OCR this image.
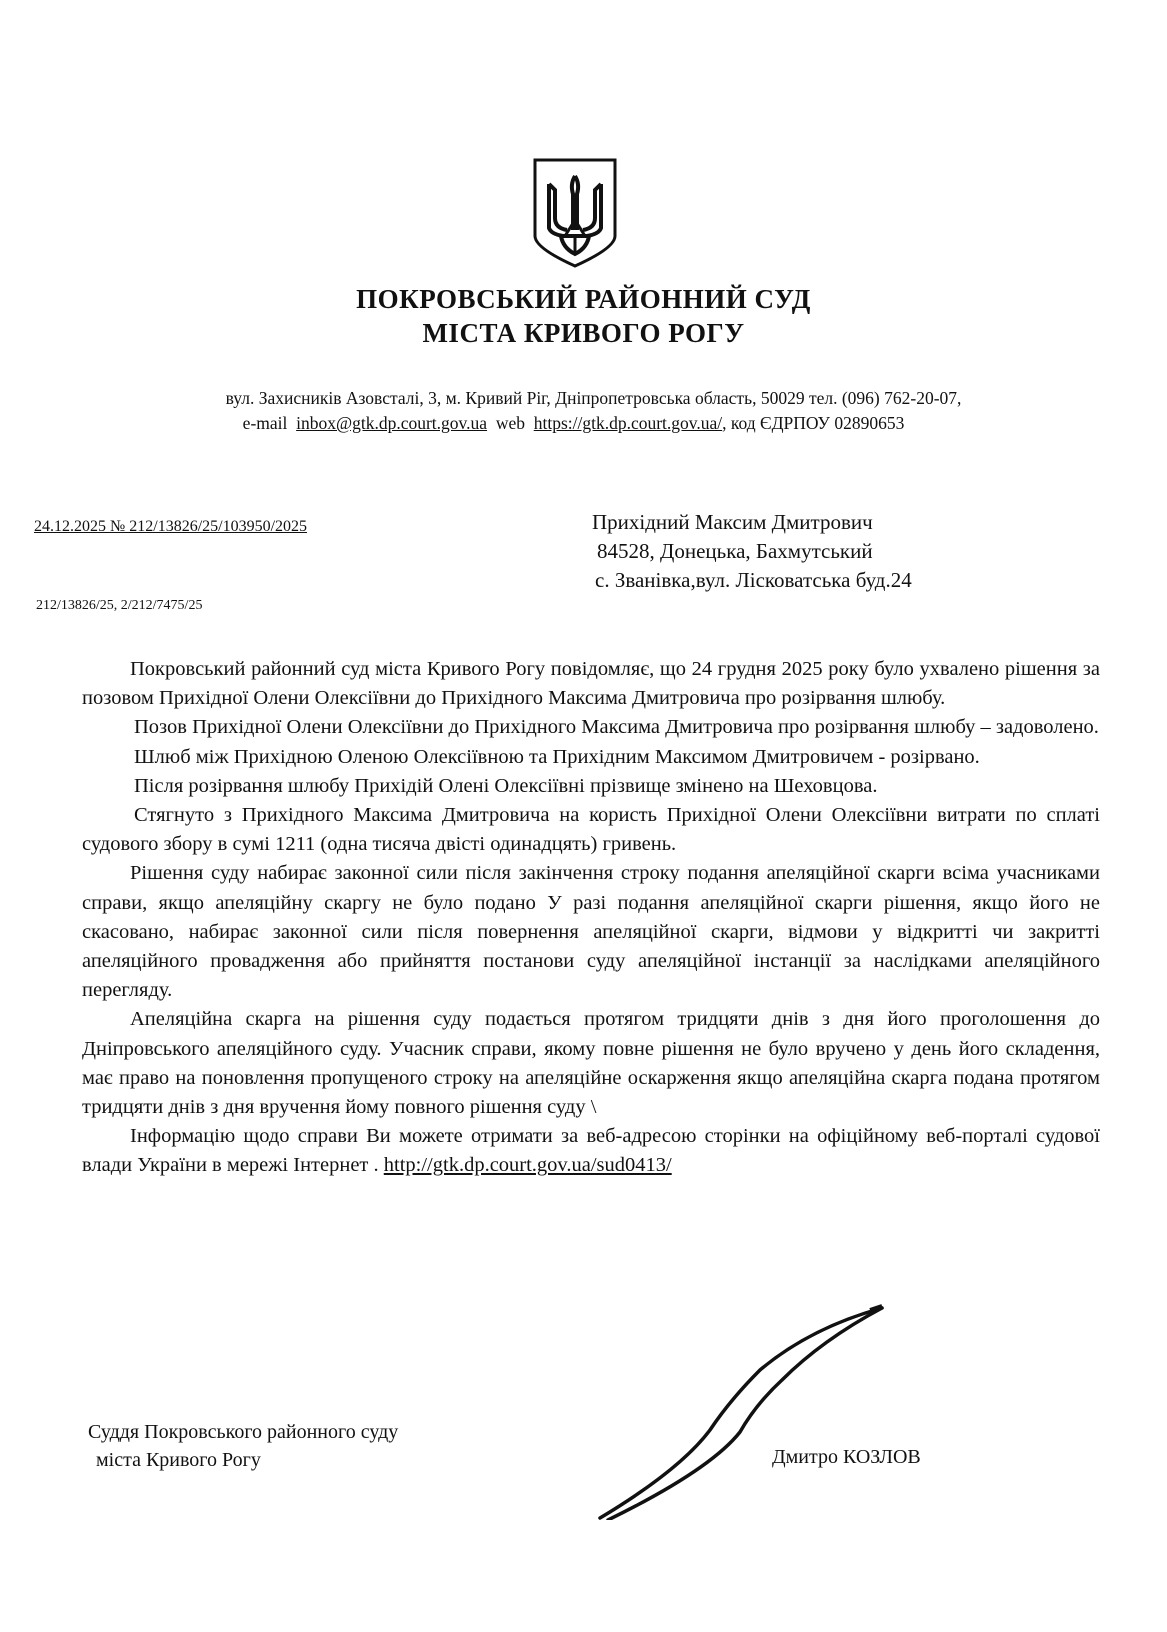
ПОКРОВСЬКИЙ РАЙОННИЙ СУД
МІСТА КРИВОГО РОГУ
вул. Захисників Азовсталі, 3, м. Кривий Ріг, Дніпропетровська область, 50029 тел. (096) 762-20-07,
e-mail inbox@gtk.dp.court.gov.ua web https://gtk.dp.court.gov.ua/, код ЄДРПОУ 02890653
24.12.2025 № 212/13826/25/103950/2025
212/13826/25, 2/212/7475/25
Прихідний Максим Дмитрович
84528, Донецька, Бахмутський
с. Званівка,вул. Лісковатська буд.24

Покровський районний суд міста Кривого Рогу повідомляє, що 24 грудня 2025 року було ухвалено рішення за позовом Прихідної Олени Олексіївни до Прихідного Максима Дмитровича про розірвання шлюбу.

Позов Прихідної Олени Олексіївни до Прихідного Максима Дмитровича про розірвання шлюбу – задоволено.

Шлюб між Прихідною Оленою Олексіївною та Прихідним Максимом Дмитровичем - розірвано.

Після розірвання шлюбу Прихідій Олені Олексіївні прізвище змінено на Шеховцова.

Стягнуто з Прихідного Максима Дмитровича на користь Прихідної Олени Олексіївни витрати по сплаті судового збору в сумі 1211 (одна тисяча двісті одинадцять) гривень.

Рішення суду набирає законної сили після закінчення строку подання апеляційної скарги всіма учасниками справи, якщо апеляційну скаргу не було подано У разі подання апеляційної скарги рішення, якщо його не скасовано, набирає законної сили після повернення апеляційної скарги, відмови у відкритті чи закритті апеляційного провадження або прийняття постанови суду апеляційної інстанції за наслідками апеляційного перегляду.

Апеляційна скарга на рішення суду подається протягом тридцяти днів з дня його проголошення до Дніпровського апеляційного суду. Учасник справи, якому повне рішення не було вручено у день його складення, має право на поновлення пропущеного строку на апеляційне оскарження якщо апеляційна скарга подана протягом тридцяти днів з дня вручення йому повного рішення суду \

Інформацію щодо справи Ви можете отримати за веб-адресою сторінки на офіційному веб-порталі судової влади України в мережі Інтернет . http://gtk.dp.court.gov.ua/sud0413/

Суддя Покровського районного суду
міста Кривого Рогу	Дмитро КОЗЛОВ
